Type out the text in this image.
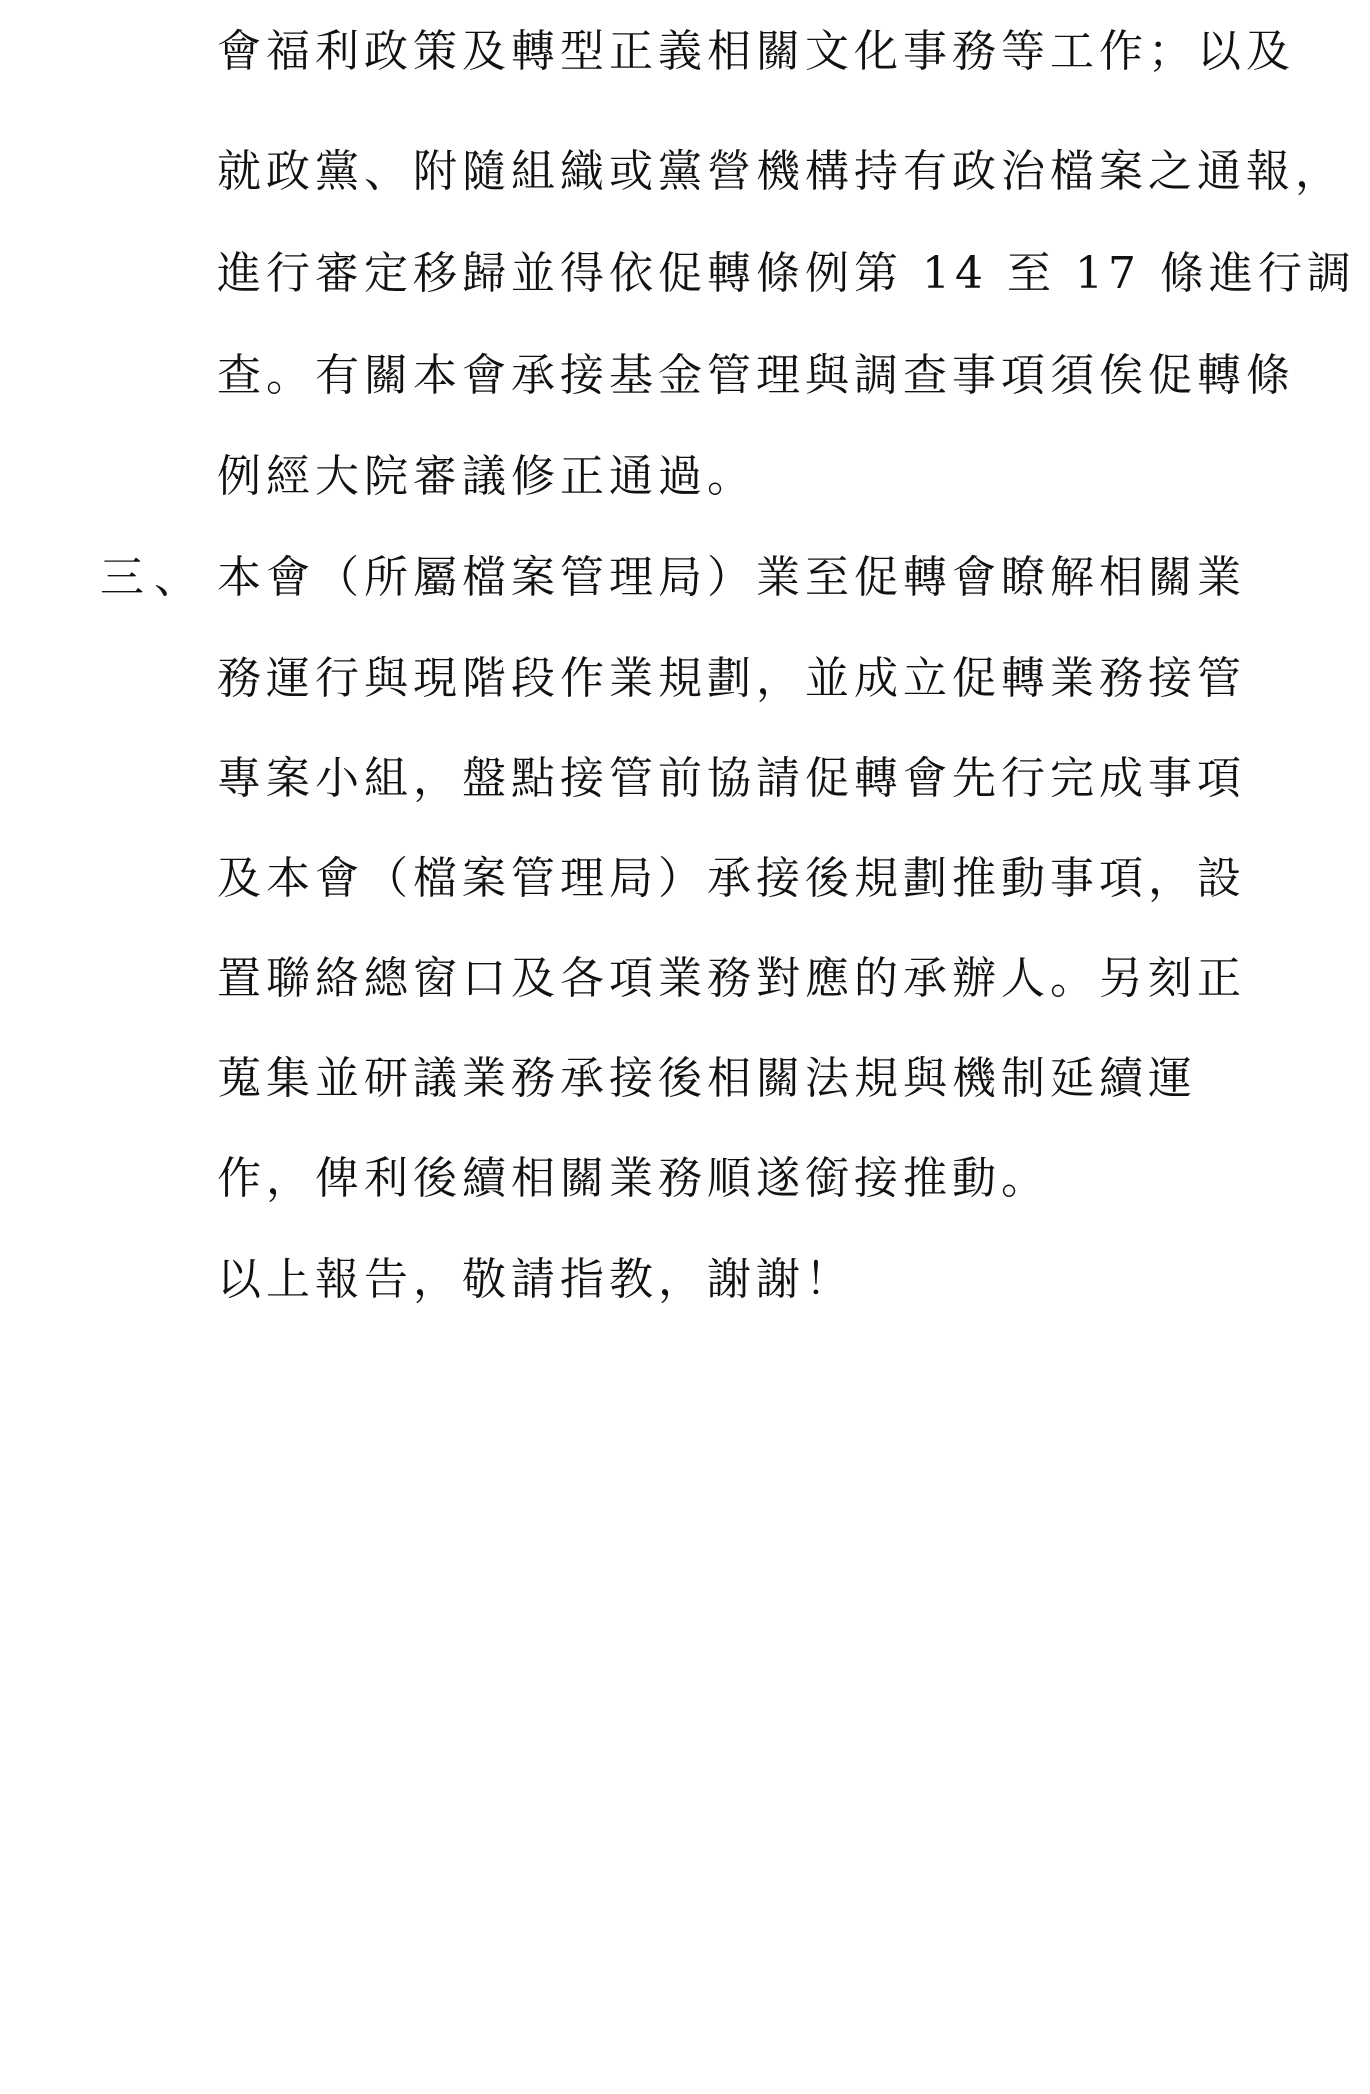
會福利政策及轉型正義相關文化事務等工作；以及
就政黨、附隨組織或黨營機構持有政治檔案之通報，
進行審定移歸並得依促轉條例第 14 至 17 條進行調
查。有關本會承接基金管理與調查事項須俟促轉條
例經大院審議修正通過。
三、 本會（所屬檔案管理局）業至促轉會瞭解相關業
務運行與現階段作業規劃，並成立促轉業務接管
專案小組，盤點接管前協請促轉會先行完成事項
及本會（檔案管理局）承接後規劃推動事項，設
置聯絡總窗口及各項業務對應的承辦人。另刻正
蒐集並研議業務承接後相關法規與機制延續運
作，俾利後續相關業務順遂銜接推動。
以上報告，敬請指教，謝謝！
